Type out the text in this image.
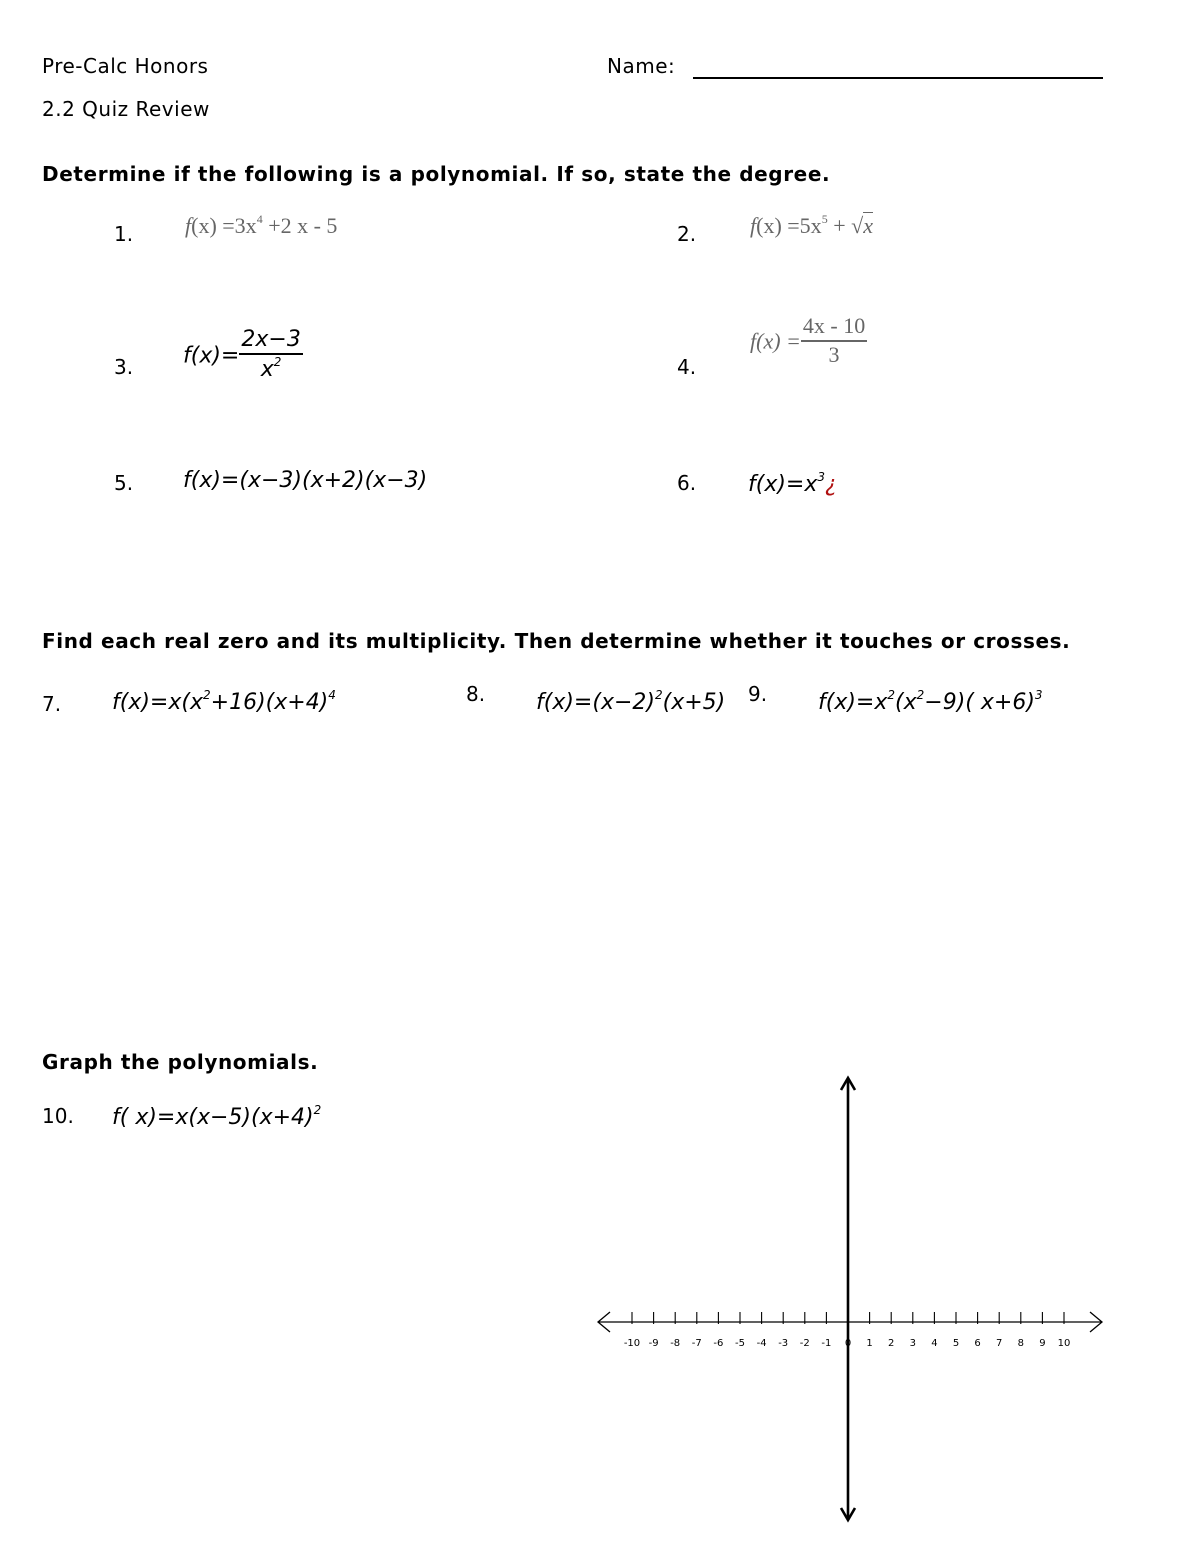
Pre-Calc Honors	Name:
2.2 Quiz Review
Determine if the following is a polynomial. If so, state the degree.
1. $f(x) =3x^4 +2$ x - 5	2. $f(x) =5x^5 + √x$
3. $f(x)= \frac{2x-3}{x^2}$	4.
$f(x) = \frac{4x - 10}{3}$
5. f(x)=(x−3)(x+2)(x−3)	6. $f(x)=x^3¿$
Find each real zero and its multiplicity. Then determine whether it touches or crosses.
7. $f(x)=x(x^2+16)(x+4)^4$	8. $f(x)=(x-2)^2(x+5)$ 9. $f(x)=x^2(x^2-9)$( x+6)$^3$
Graph the polynomials.
10. f( $x)=x(x-5)(x+4)^2$
-10 -9 -8 -7 -6 -5 -4 -3 -2 -1 0 1 2 3 4 5 6 7 8 9 10
